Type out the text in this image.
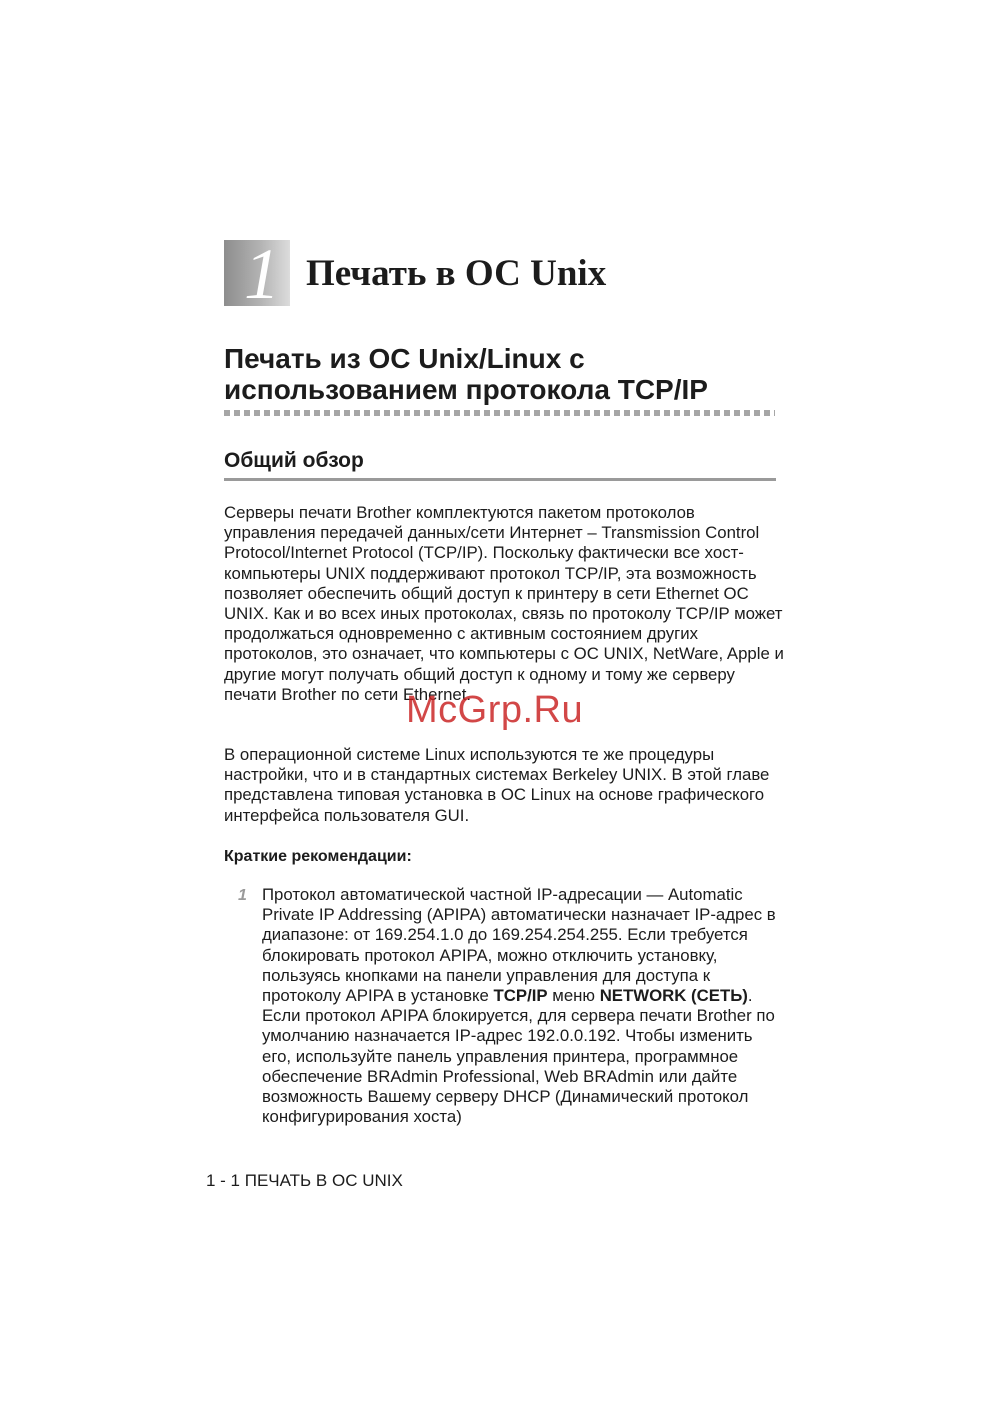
1 Печать в ОС Unix
Печать из ОС Unix/Linux с использованием протокола TCP/IP
Общий обзор
Серверы печати Brother комплектуются пакетом протоколов управления передачей данных/сети Интернет – Transmission Control Protocol/Internet Protocol (TCP/IP). Поскольку фактически все хост-компьютеры UNIX поддерживают протокол TCP/IP, эта возможность позволяет обеспечить общий доступ к принтеру в сети Ethernet ОС UNIX. Как и во всех иных протоколах, связь по протоколу TCP/IP может продолжаться одновременно с активным состоянием других протоколов, это означает, что компьютеры с ОС UNIX, NetWare, Apple и другие могут получать общий доступ к одному и тому же серверу печати Brother по сети Ethernet.
В операционной системе Linux используются те же процедуры настройки, что и в стандартных системах Berkeley UNIX. В этой главе представлена типовая установка в ОС Linux на основе графического интерфейса пользователя GUI.
Краткие рекомендации:
1 Протокол автоматической частной IP-адресации — Automatic Private IP Addressing (APIPA) автоматически назначает IP-адрес в диапазоне: от 169.254.1.0 до 169.254.254.255. Если требуется блокировать протокол APIPA, можно отключить установку, пользуясь кнопками на панели управления для доступа к протоколу APIPA в установке TCP/IP меню NETWORK (СЕТЬ). Если протокол APIPA блокируется, для сервера печати Brother по умолчанию назначается IP-адрес 192.0.0.192. Чтобы изменить его, используйте панель управления принтера, программное обеспечение BRAdmin Professional, Web BRAdmin или дайте возможность Вашему серверу DHCP (Динамический протокол конфигурирования хоста)
1 - 1 ПЕЧАТЬ В ОС UNIX
McGrp.Ru
